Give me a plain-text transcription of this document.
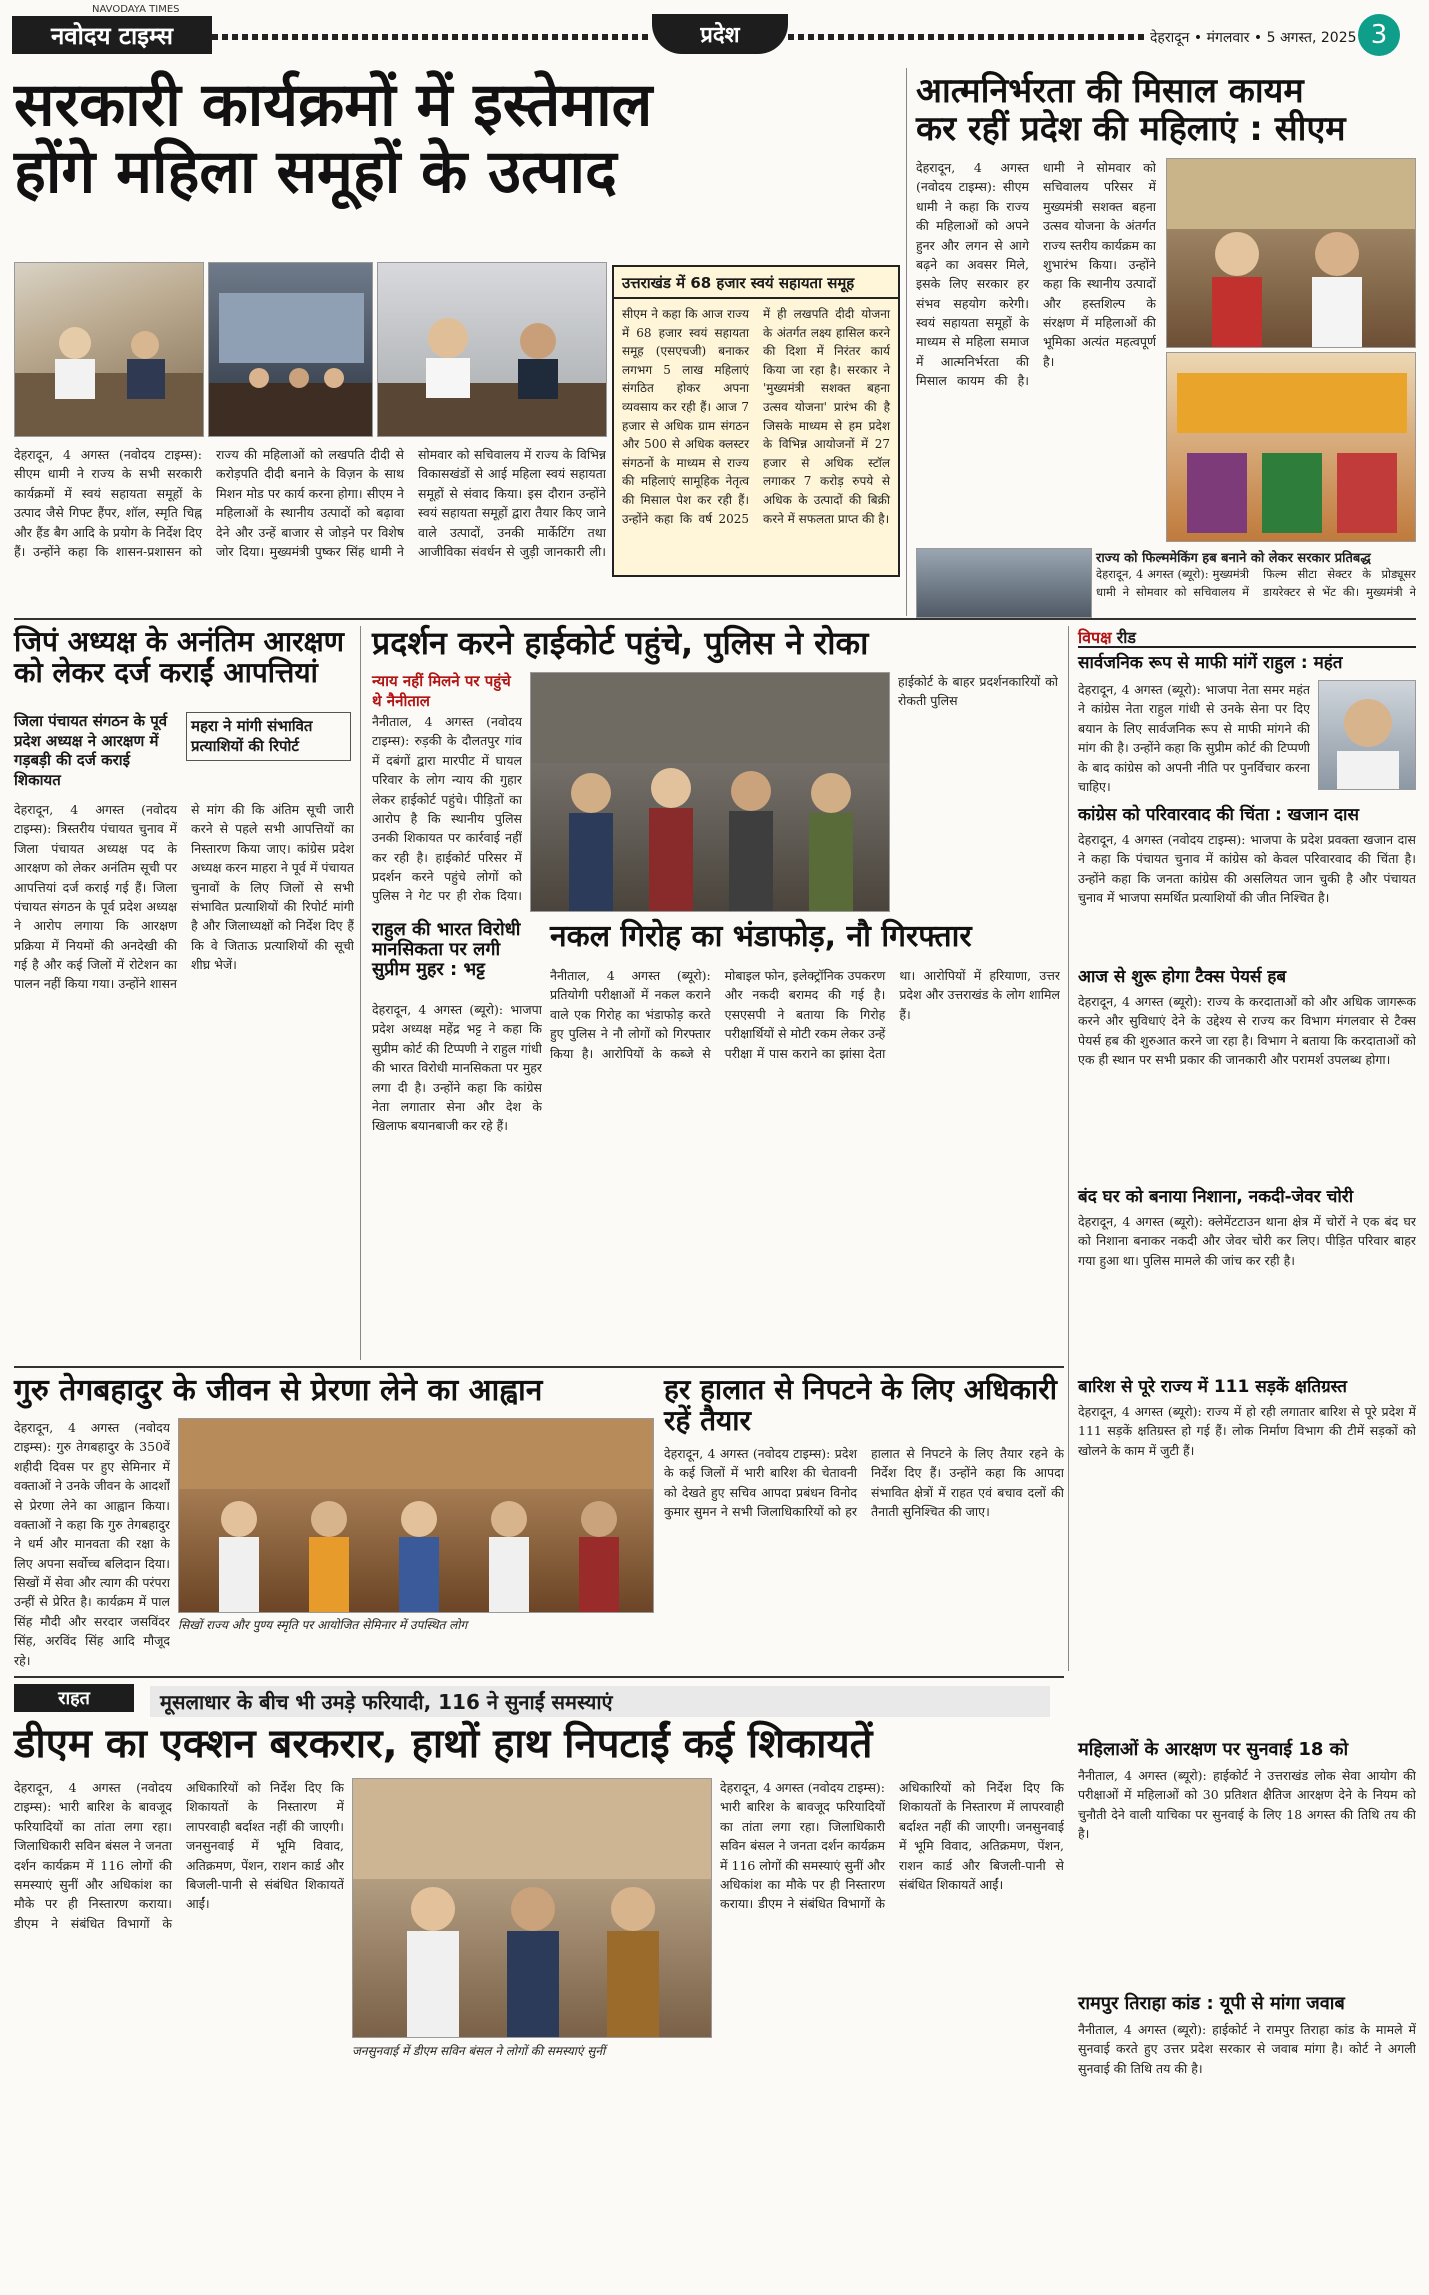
NAVODAYA TIMES
नवोदय टाइम्स	प्रदेश	देहरादून • मंगलवार • 5 अगस्त, 2025 3
सरकारी कार्यक्रमों में इस्तेमाल
होंगे महिला समूहों के उत्पाद
उत्तराखंड में 68 हजार स्वयं सहायता समूह
सीएम ने कहा कि आज राज्य में 68 हजार स्वयं सहायता समूह (एसएचजी) बनाकर लगभग 5 लाख महिलाएं संगठित होकर अपना व्यवसाय कर रही हैं। आज 7 हजार से अधिक ग्राम संगठन और 500 से अधिक क्लस्टर संगठनों के माध्यम से राज्य की महिलाएं सामूहिक नेतृत्व की मिसाल पेश कर रही हैं। उन्होंने कहा कि वर्ष 2025 में ही लखपति दीदी योजना के अंतर्गत लक्ष्य हासिल करने की दिशा में निरंतर कार्य किया जा रहा है। सरकार ने 'मुख्यमंत्री सशक्त बहना उत्सव योजना' प्रारंभ की है जिसके माध्यम से हम प्रदेश के विभिन्न आयोजनों में 27 हजार से अधिक स्टॉल लगाकर 7 करोड़ रुपये से अधिक के उत्पादों की बिक्री करने में सफलता प्राप्त की है।
देहरादून, 4 अगस्त (नवोदय टाइम्स): सीएम धामी ने राज्य के सभी सरकारी कार्यक्रमों में स्वयं सहायता समूहों के उत्पाद जैसे गिफ्ट हैंपर, शॉल, स्मृति चिह्न और हैंड बैग आदि के प्रयोग के निर्देश दिए हैं। उन्होंने कहा कि शासन-प्रशासन को राज्य की महिलाओं को लखपति दीदी से करोड़पति दीदी बनाने के विज़न के साथ मिशन मोड पर कार्य करना होगा। सीएम ने महिलाओं के स्थानीय उत्पादों को बढ़ावा देने और उन्हें बाजार से जोड़ने पर विशेष जोर दिया। मुख्यमंत्री पुष्कर सिंह धामी ने सोमवार को सचिवालय में राज्य के विभिन्न विकासखंडों से आई महिला स्वयं सहायता समूहों से संवाद किया। इस दौरान उन्होंने स्वयं सहायता समूहों द्वारा तैयार किए जाने वाले उत्पादों, उनकी मार्केटिंग तथा आजीविका संवर्धन से जुड़ी जानकारी ली।
आत्मनिर्भरता की मिसाल कायम
कर रहीं प्रदेश की महिलाएं : सीएम
देहरादून, 4 अगस्त (नवोदय टाइम्स): सीएम धामी ने कहा कि राज्य की महिलाओं को अपने हुनर और लगन से आगे बढ़ने का अवसर मिले, इसके लिए सरकार हर संभव सहयोग करेगी। स्वयं सहायता समूहों के माध्यम से महिला समाज में आत्मनिर्भरता की मिसाल कायम की है। धामी ने सोमवार को सचिवालय परिसर में मुख्यमंत्री सशक्त बहना उत्सव योजना के अंतर्गत राज्य स्तरीय कार्यक्रम का शुभारंभ किया। उन्होंने कहा कि स्थानीय उत्पादों और हस्तशिल्प के संरक्षण में महिलाओं की भूमिका अत्यंत महत्वपूर्ण है।
राज्य को फिल्ममेकिंग हब बनाने को लेकर सरकार प्रतिबद्ध
देहरादून, 4 अगस्त (ब्यूरो): मुख्यमंत्री धामी ने सोमवार को सचिवालय में फिल्म सीटा सेक्टर के प्रोड्यूसर डायरेक्टर से भेंट की। मुख्यमंत्री ने
जिपं अध्यक्ष के अनंतिम आरक्षण
को लेकर दर्ज कराईं आपत्तियां
जिला पंचायत संगठन के पूर्व प्रदेश अध्यक्ष ने आरक्षण में गड़बड़ी की दर्ज कराई शिकायत
महरा ने मांगी संभावित प्रत्याशियों की रिपोर्ट
देहरादून, 4 अगस्त (नवोदय टाइम्स): त्रिस्तरीय पंचायत चुनाव में जिला पंचायत अध्यक्ष पद के आरक्षण को लेकर अनंतिम सूची पर आपत्तियां दर्ज कराई गई हैं। जिला पंचायत संगठन के पूर्व प्रदेश अध्यक्ष ने आरोप लगाया कि आरक्षण प्रक्रिया में नियमों की अनदेखी की गई है और कई जिलों में रोटेशन का पालन नहीं किया गया। उन्होंने शासन से मांग की कि अंतिम सूची जारी करने से पहले सभी आपत्तियों का निस्तारण किया जाए। कांग्रेस प्रदेश अध्यक्ष करन माहरा ने पूर्व में पंचायत चुनावों के लिए जिलों से सभी संभावित प्रत्याशियों की रिपोर्ट मांगी है और जिलाध्यक्षों को निर्देश दिए हैं कि वे जिताऊ प्रत्याशियों की सूची शीघ्र भेजें।
प्रदर्शन करने हाईकोर्ट पहुंचे, पुलिस ने रोका
न्याय नहीं मिलने पर पहुंचे थे नैनीताल
नैनीताल, 4 अगस्त (नवोदय टाइम्स): रुड़की के दौलतपुर गांव में दबंगों द्वारा मारपीट में घायल परिवार के लोग न्याय की गुहार लेकर हाईकोर्ट पहुंचे। पीड़ितों का आरोप है कि स्थानीय पुलिस उनकी शिकायत पर कार्रवाई नहीं कर रही है। हाईकोर्ट परिसर में प्रदर्शन करने पहुंचे लोगों को पुलिस ने गेट पर ही रोक दिया।
हाईकोर्ट के बाहर प्रदर्शनकारियों को रोकती पुलिस
राहुल की भारत विरोधी मानसिकता पर लगी सुप्रीम मुहर : भट्ट
देहरादून, 4 अगस्त (ब्यूरो): भाजपा प्रदेश अध्यक्ष महेंद्र भट्ट ने कहा कि सुप्रीम कोर्ट की टिप्पणी ने राहुल गांधी की भारत विरोधी मानसिकता पर मुहर लगा दी है। उन्होंने कहा कि कांग्रेस नेता लगातार सेना और देश के खिलाफ बयानबाजी कर रहे हैं।
नकल गिरोह का भंडाफोड़, नौ गिरफ्तार
नैनीताल, 4 अगस्त (ब्यूरो): प्रतियोगी परीक्षाओं में नकल कराने वाले एक गिरोह का भंडाफोड़ करते हुए पुलिस ने नौ लोगों को गिरफ्तार किया है। आरोपियों के कब्जे से मोबाइल फोन, इलेक्ट्रॉनिक उपकरण और नकदी बरामद की गई है। एसएसपी ने बताया कि गिरोह परीक्षार्थियों से मोटी रकम लेकर उन्हें परीक्षा में पास कराने का झांसा देता था। आरोपियों में हरियाणा, उत्तर प्रदेश और उत्तराखंड के लोग शामिल हैं।
विपक्ष रीड
सार्वजनिक रूप से माफी मांगें राहुल : महंत
देहरादून, 4 अगस्त (ब्यूरो): भाजपा नेता समर महंत ने कांग्रेस नेता राहुल गांधी से उनके सेना पर दिए बयान के लिए सार्वजनिक रूप से माफी मांगने की मांग की है। उन्होंने कहा कि सुप्रीम कोर्ट की टिप्पणी के बाद कांग्रेस को अपनी नीति पर पुनर्विचार करना चाहिए।
कांग्रेस को परिवारवाद की चिंता : खजान दास
देहरादून, 4 अगस्त (नवोदय टाइम्स): भाजपा के प्रदेश प्रवक्ता खजान दास ने कहा कि पंचायत चुनाव में कांग्रेस को केवल परिवारवाद की चिंता है। उन्होंने कहा कि जनता कांग्रेस की असलियत जान चुकी है और पंचायत चुनाव में भाजपा समर्थित प्रत्याशियों की जीत निश्चित है।
आज से शुरू होगा टैक्स पेयर्स हब
देहरादून, 4 अगस्त (ब्यूरो): राज्य के करदाताओं को और अधिक जागरूक करने और सुविधाएं देने के उद्देश्य से राज्य कर विभाग मंगलवार से टैक्स पेयर्स हब की शुरुआत करने जा रहा है। विभाग ने बताया कि करदाताओं को एक ही स्थान पर सभी प्रकार की जानकारी और परामर्श उपलब्ध होगा।
बंद घर को बनाया निशाना, नकदी-जेवर चोरी
देहरादून, 4 अगस्त (ब्यूरो): क्लेमेंटटाउन थाना क्षेत्र में चोरों ने एक बंद घर को निशाना बनाकर नकदी और जेवर चोरी कर लिए। पीड़ित परिवार बाहर गया हुआ था। पुलिस मामले की जांच कर रही है।
बारिश से पूरे राज्य में 111 सड़कें क्षतिग्रस्त
देहरादून, 4 अगस्त (ब्यूरो): राज्य में हो रही लगातार बारिश से पूरे प्रदेश में 111 सड़कें क्षतिग्रस्त हो गई हैं। लोक निर्माण विभाग की टीमें सड़कों को खोलने के काम में जुटी हैं।
गुरु तेगबहादुर के जीवन से प्रेरणा लेने का आह्वान
देहरादून, 4 अगस्त (नवोदय टाइम्स): गुरु तेगबहादुर के 350वें शहीदी दिवस पर हुए सेमिनार में वक्ताओं ने उनके जीवन के आदर्शों से प्रेरणा लेने का आह्वान किया। वक्ताओं ने कहा कि गुरु तेगबहादुर ने धर्म और मानवता की रक्षा के लिए अपना सर्वोच्च बलिदान दिया। सिखों में सेवा और त्याग की परंपरा उन्हीं से प्रेरित है। कार्यक्रम में पाल सिंह मौदी और सरदार जसविंदर सिंह, अरविंद सिंह आदि मौजूद रहे।
सिखों राज्य और पुण्य स्मृति पर आयोजित सेमिनार में उपस्थित लोग
हर हालात से निपटने के लिए अधिकारी रहें तैयार
देहरादून, 4 अगस्त (नवोदय टाइम्स): प्रदेश के कई जिलों में भारी बारिश की चेतावनी को देखते हुए सचिव आपदा प्रबंधन विनोद कुमार सुमन ने सभी जिलाधिकारियों को हर हालात से निपटने के लिए तैयार रहने के निर्देश दिए हैं। उन्होंने कहा कि आपदा संभावित क्षेत्रों में राहत एवं बचाव दलों की तैनाती सुनिश्चित की जाए।
राहत	मूसलाधार के बीच भी उमड़े फरियादी, 116 ने सुनाईं समस्याएं
डीएम का एक्शन बरकरार, हाथों हाथ निपटाईं कई शिकायतें
देहरादून, 4 अगस्त (नवोदय टाइम्स): भारी बारिश के बावजूद फरियादियों का तांता लगा रहा। जिलाधिकारी सविन बंसल ने जनता दर्शन कार्यक्रम में 116 लोगों की समस्याएं सुनीं और अधिकांश का मौके पर ही निस्तारण कराया। डीएम ने संबंधित विभागों के अधिकारियों को निर्देश दिए कि शिकायतों के निस्तारण में लापरवाही बर्दाश्त नहीं की जाएगी। जनसुनवाई में भूमि विवाद, अतिक्रमण, पेंशन, राशन कार्ड और बिजली-पानी से संबंधित शिकायतें आईं।
जनसुनवाई में डीएम सविन बंसल ने लोगों की समस्याएं सुनीं
देहरादून, 4 अगस्त (नवोदय टाइम्स): भारी बारिश के बावजूद फरियादियों का तांता लगा रहा। जिलाधिकारी सविन बंसल ने जनता दर्शन कार्यक्रम में 116 लोगों की समस्याएं सुनीं और अधिकांश का मौके पर ही निस्तारण कराया। डीएम ने संबंधित विभागों के अधिकारियों को निर्देश दिए कि शिकायतों के निस्तारण में लापरवाही बर्दाश्त नहीं की जाएगी। जनसुनवाई में भूमि विवाद, अतिक्रमण, पेंशन, राशन कार्ड और बिजली-पानी से संबंधित शिकायतें आईं।
महिलाओं के आरक्षण पर सुनवाई 18 को
नैनीताल, 4 अगस्त (ब्यूरो): हाईकोर्ट ने उत्तराखंड लोक सेवा आयोग की परीक्षाओं में महिलाओं को 30 प्रतिशत क्षैतिज आरक्षण देने के नियम को चुनौती देने वाली याचिका पर सुनवाई के लिए 18 अगस्त की तिथि तय की है।
रामपुर तिराहा कांड : यूपी से मांगा जवाब
नैनीताल, 4 अगस्त (ब्यूरो): हाईकोर्ट ने रामपुर तिराहा कांड के मामले में सुनवाई करते हुए उत्तर प्रदेश सरकार से जवाब मांगा है। कोर्ट ने अगली सुनवाई की तिथि तय की है।
